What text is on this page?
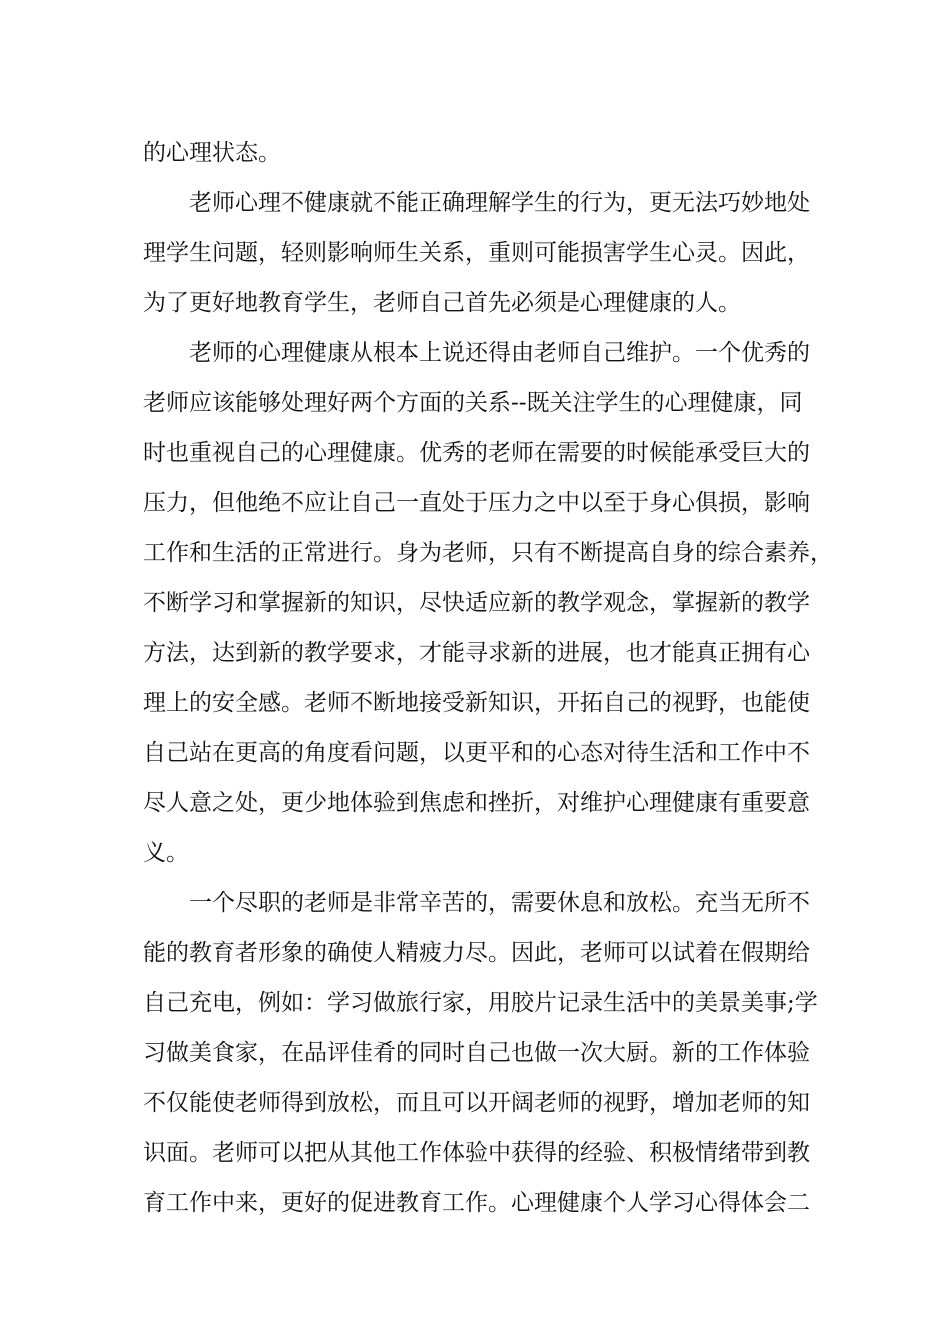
的心理状态。
老师心理不健康就不能正确理解学生的行为，更无法巧妙地处
理学生问题，轻则影响师生关系，重则可能损害学生心灵。因此，
为了更好地教育学生，老师自己首先必须是心理健康的人。
老师的心理健康从根本上说还得由老师自己维护。一个优秀的
老师应该能够处理好两个方面的关系--既关注学生的心理健康，同
时也重视自己的心理健康。优秀的老师在需要的时候能承受巨大的
压力，但他绝不应让自己一直处于压力之中以至于身心俱损，影响
工作和生活的正常进行。身为老师，只有不断提高自身的综合素养，
不断学习和掌握新的知识，尽快适应新的教学观念，掌握新的教学
方法，达到新的教学要求，才能寻求新的进展，也才能真正拥有心
理上的安全感。老师不断地接受新知识，开拓自己的视野，也能使
自己站在更高的角度看问题，以更平和的心态对待生活和工作中不
尽人意之处，更少地体验到焦虑和挫折，对维护心理健康有重要意
义。
一个尽职的老师是非常辛苦的，需要休息和放松。充当无所不
能的教育者形象的确使人精疲力尽。因此，老师可以试着在假期给
自己充电，例如：学习做旅行家，用胶片记录生活中的美景美事;学
习做美食家，在品评佳肴的同时自己也做一次大厨。新的工作体验
不仅能使老师得到放松，而且可以开阔老师的视野，增加老师的知
识面。老师可以把从其他工作体验中获得的经验、积极情绪带到教
育工作中来，更好的促进教育工作。心理健康个人学习心得体会二
